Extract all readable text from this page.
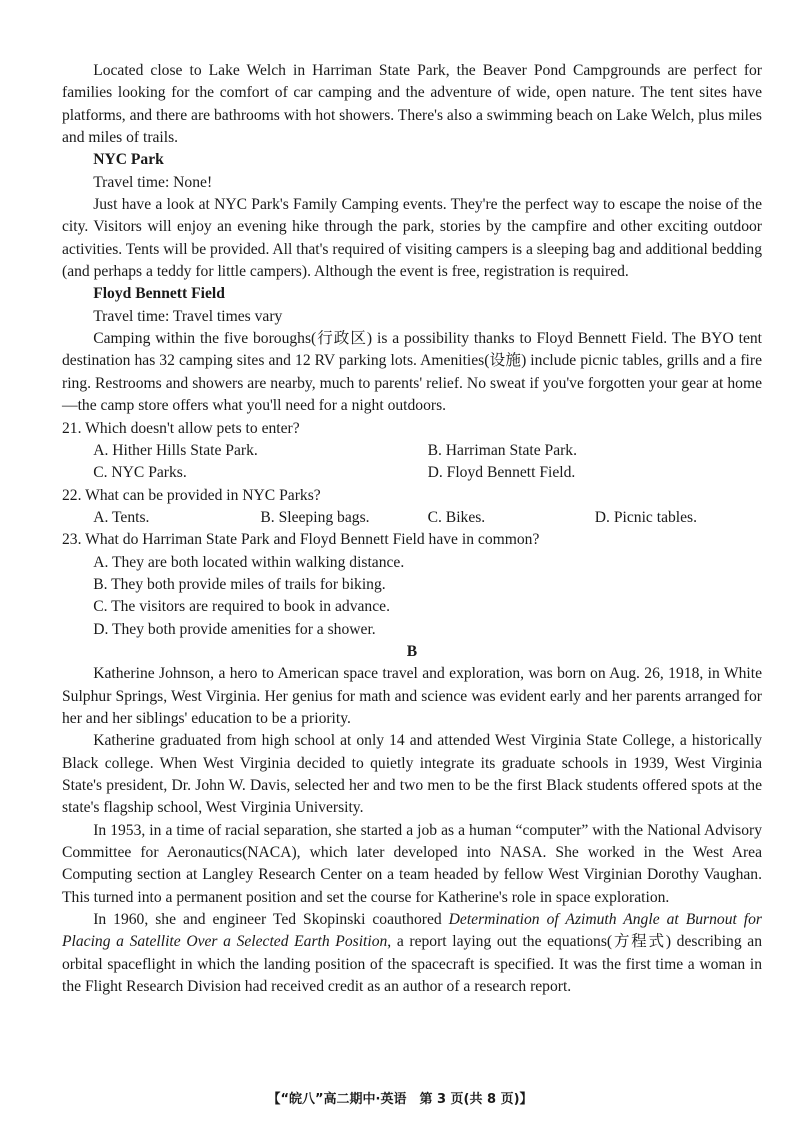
Located close to Lake Welch in Harriman State Park, the Beaver Pond Campgrounds are perfect for families looking for the comfort of car camping and the adventure of wide, open nature. The tent sites have platforms, and there are bathrooms with hot showers. There's also a swimming beach on Lake Welch, plus miles and miles of trails.

NYC Park

Travel time: None!

Just have a look at NYC Park's Family Camping events. They're the perfect way to escape the noise of the city. Visitors will enjoy an evening hike through the park, stories by the campfire and other exciting outdoor activities. Tents will be provided. All that's required of visiting campers is a sleeping bag and additional bedding (and perhaps a teddy for little campers). Although the event is free, registration is required.

Floyd Bennett Field

Travel time: Travel times vary

Camping within the five boroughs(行政区) is a possibility thanks to Floyd Bennett Field. The BYO tent destination has 32 camping sites and 12 RV parking lots. Amenities(设施) include picnic tables, grills and a fire ring. Restrooms and showers are nearby, much to parents' relief. No sweat if you've forgotten your gear at home—the camp store offers what you'll need for a night outdoors.

21. Which doesn't allow pets to enter?
A. Hither Hills State Park.	B. Harriman State Park.
C. NYC Parks.	D. Floyd Bennett Field.
22. What can be provided in NYC Parks?
A. Tents.	B. Sleeping bags.	C. Bikes.	D. Picnic tables.
23. What do Harriman State Park and Floyd Bennett Field have in common?
A. They are both located within walking distance.
B. They both provide miles of trails for biking.
C. The visitors are required to book in advance.
D. They both provide amenities for a shower.

B

Katherine Johnson, a hero to American space travel and exploration, was born on Aug. 26, 1918, in White Sulphur Springs, West Virginia. Her genius for math and science was evident early and her parents arranged for her and her siblings' education to be a priority.

Katherine graduated from high school at only 14 and attended West Virginia State College, a historically Black college. When West Virginia decided to quietly integrate its graduate schools in 1939, West Virginia State's president, Dr. John W. Davis, selected her and two men to be the first Black students offered spots at the state's flagship school, West Virginia University.

In 1953, in a time of racial separation, she started a job as a human “computer” with the National Advisory Committee for Aeronautics(NACA), which later developed into NASA. She worked in the West Area Computing section at Langley Research Center on a team headed by fellow West Virginian Dorothy Vaughan. This turned into a permanent position and set the course for Katherine's role in space exploration.

In 1960, she and engineer Ted Skopinski coauthored Determination of Azimuth Angle at Burnout for Placing a Satellite Over a Selected Earth Position, a report laying out the equations(方程式) describing an orbital spaceflight in which the landing position of the spacecraft is specified. It was the first time a woman in the Flight Research Division had received credit as an author of a research report.

【“皖八”高二期中·英语　第 3 页(共 8 页)】
